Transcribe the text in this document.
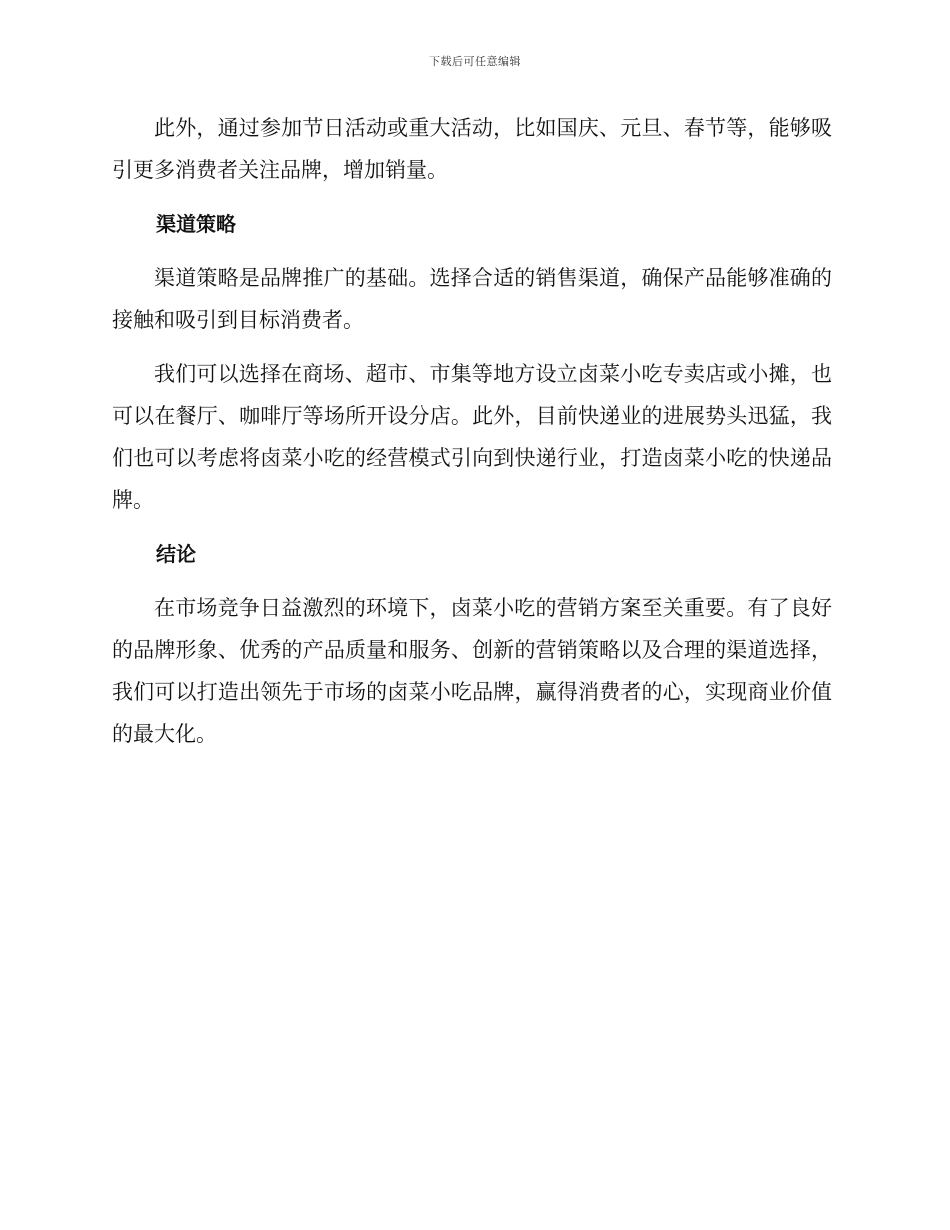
下载后可任意编辑

此外，通过参加节日活动或重大活动，比如国庆、元旦、春节等，能够吸引更多消费者关注品牌，增加销量。

渠道策略

渠道策略是品牌推广的基础。选择合适的销售渠道，确保产品能够准确的接触和吸引到目标消费者。

我们可以选择在商场、超市、市集等地方设立卤菜小吃专卖店或小摊，也可以在餐厅、咖啡厅等场所开设分店。此外，目前快递业的进展势头迅猛，我们也可以考虑将卤菜小吃的经营模式引向到快递行业，打造卤菜小吃的快递品牌。

结论

在市场竞争日益激烈的环境下，卤菜小吃的营销方案至关重要。有了良好的品牌形象、优秀的产品质量和服务、创新的营销策略以及合理的渠道选择，我们可以打造出领先于市场的卤菜小吃品牌，赢得消费者的心，实现商业价值的最大化。
